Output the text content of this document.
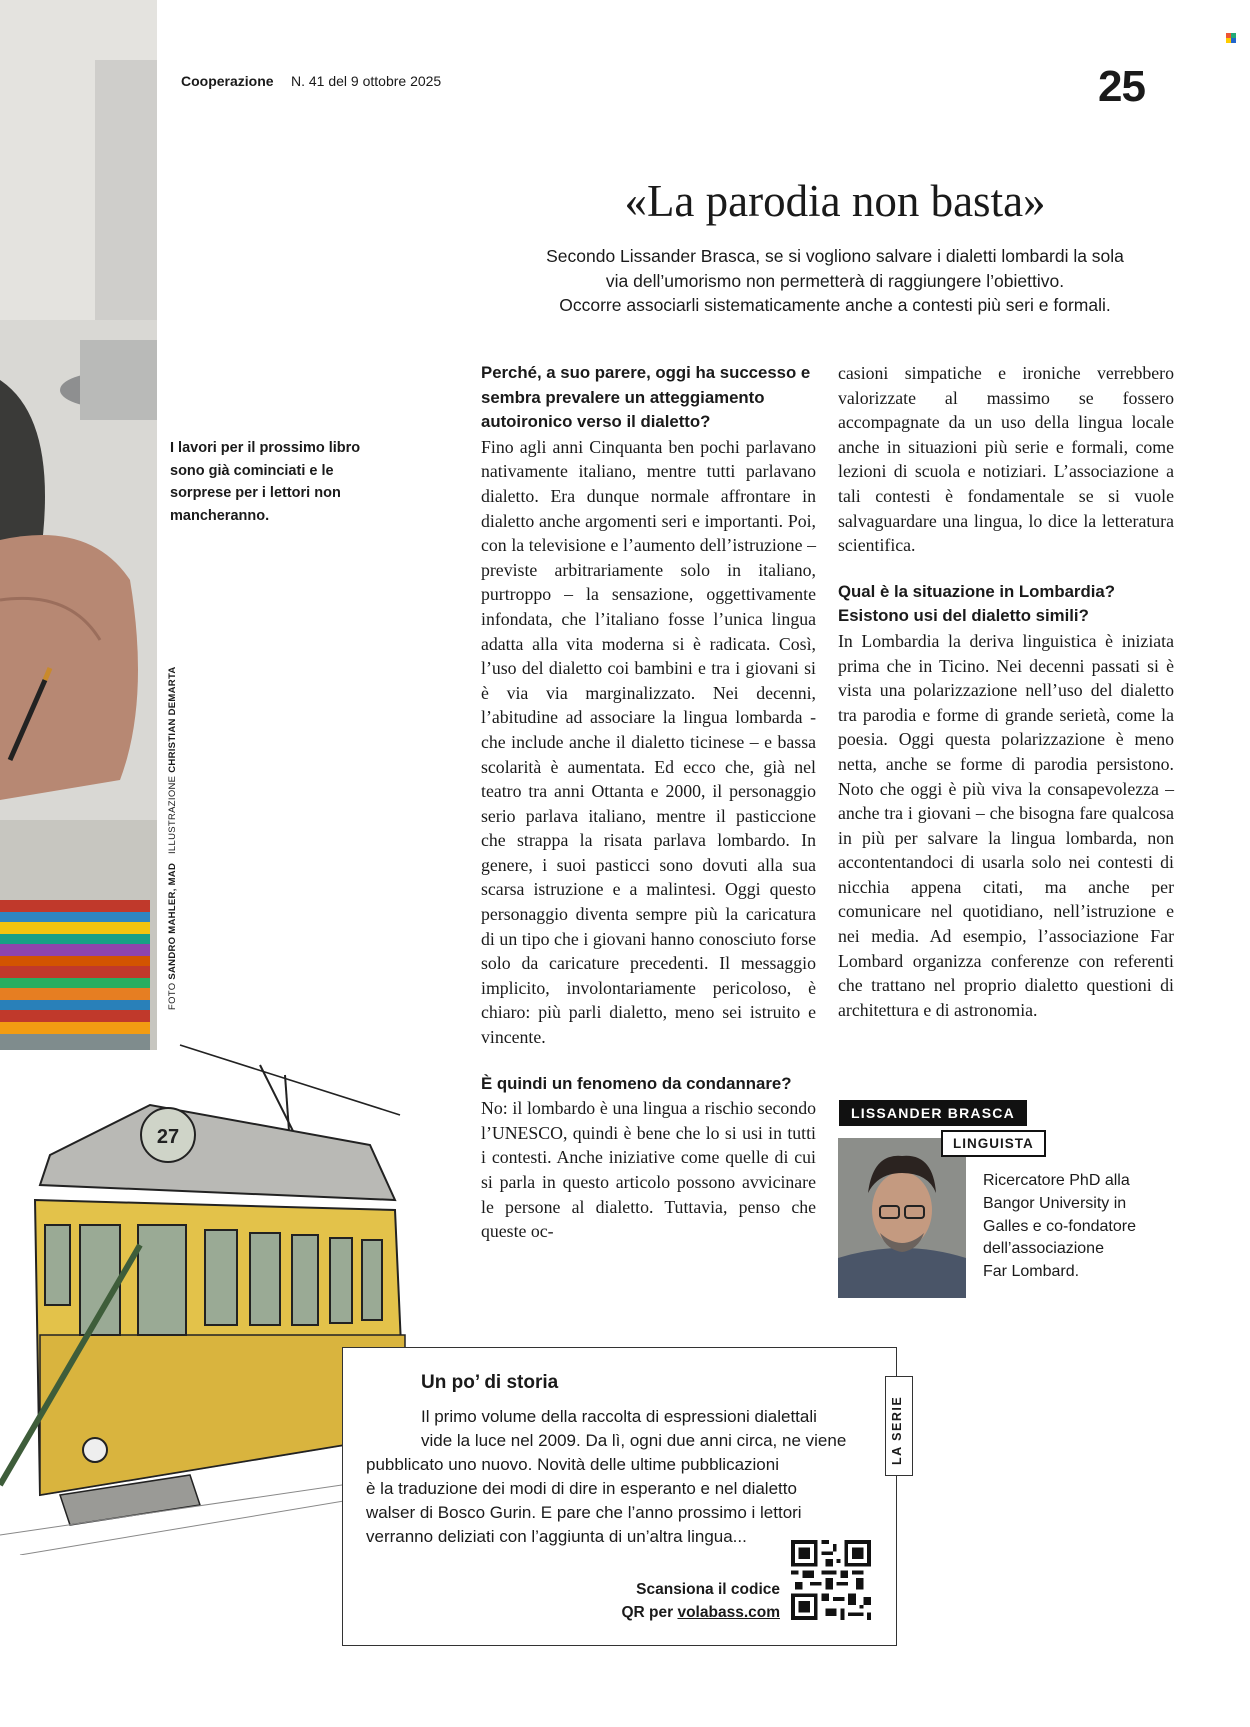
Cooperazione N. 41 del 9 ottobre 2025	25
«La parodia non basta»
Secondo Lissander Brasca, se si vogliono salvare i dialetti lombardi la sola
via dell’umorismo non permetterà di raggiungere l’obiettivo.
Occorre associarli sistematicamente anche a contesti più seri e formali.
I lavori per il prossimo libro sono già cominciati e le sorprese per i lettori non mancheranno.
FOTO SANDRO MAHLER, MAD   ILLUSTRAZIONE CHRISTIAN DEMARTA
27
Perché, a suo parere, oggi ha successo e sembra prevalere un atteggiamento autoironico verso il dialetto?

Fino agli anni Cinquanta ben pochi parlavano nativamente italiano, mentre tutti parlavano dialetto. Era dunque normale affrontare in dialetto anche argomenti seri e importanti. Poi, con la televisione e l’aumento dell’istruzione – previste arbitrariamente solo in italiano, purtroppo – la sensazione, oggettivamente infondata, che l’italiano fosse l’unica lingua adatta alla vita moderna si è radicata. Così, l’uso del dialetto coi bambini e tra i giovani si è via via marginalizzato. Nei decenni, l’abitudine ad associare la lingua lombarda - che include anche il dialetto ticinese – e bassa scolarità è aumentata. Ed ecco che, già nel teatro tra anni Ottanta e 2000, il personaggio serio parlava italiano, mentre il pasticcione che strappa la risata parlava lombardo. In genere, i suoi pasticci sono dovuti alla sua scarsa istruzione e a malintesi. Oggi questo personaggio diventa sempre più la caricatura di un tipo che i giovani hanno conosciuto forse solo da caricature precedenti. Il messaggio implicito, involontariamente pericoloso, è chiaro: più parli dialetto, meno sei istruito e vincente.

È quindi un fenomeno da condannare?

No: il lombardo è una lingua a rischio secondo l’UNESCO, quindi è bene che lo si usi in tutti i contesti. Anche iniziative come quelle di cui si parla in questo articolo possono avvicinare le persone al dialetto. Tuttavia, penso che queste oc-

casioni simpatiche e ironiche verrebbero valorizzate al massimo se fossero accompagnate da un uso della lingua locale anche in situazioni più serie e formali, come lezioni di scuola e notiziari. L’associazione a tali contesti è fondamentale se si vuole salvaguardare una lingua, lo dice la letteratura scientifica.

Qual è la situazione in Lombardia? Esistono usi del dialetto simili?

In Lombardia la deriva linguistica è iniziata prima che in Ticino. Nei decenni passati si è vista una polarizzazione nell’uso del dialetto tra parodia e forme di grande serietà, come la poesia. Oggi questa polarizzazione è meno netta, anche se forme di parodia persistono. Noto che oggi è più viva la consapevolezza – anche tra i giovani – che bisogna fare qualcosa in più per salvare la lingua lombarda, non accontentandoci di usarla solo nei contesti di nicchia appena citati, ma anche per comunicare nel quotidiano, nell’istruzione e nei media. Ad esempio, l’associazione Far Lombard organizza conferenze con referenti che trattano nel proprio dialetto questioni di architettura e di astronomia.

LISSANDER BRASCA
LINGUISTA
Ricercatore PhD alla
Bangor University in
Galles e co-fondatore
dell’associazione
Far Lombard.
LA SERIE
Un po’ di storia
Il primo volume della raccolta di espressioni dialettali
vide la luce nel 2009. Da lì, ogni due anni circa, ne viene
pubblicato uno nuovo. Novità delle ultime pubblicazioni
è la traduzione dei modi di dire in esperanto e nel dialetto
walser di Bosco Gurin. E pare che l’anno prossimo i lettori
verranno deliziati con l’aggiunta di un’altra lingua...
Scansiona il codice
QR per volabass.com
